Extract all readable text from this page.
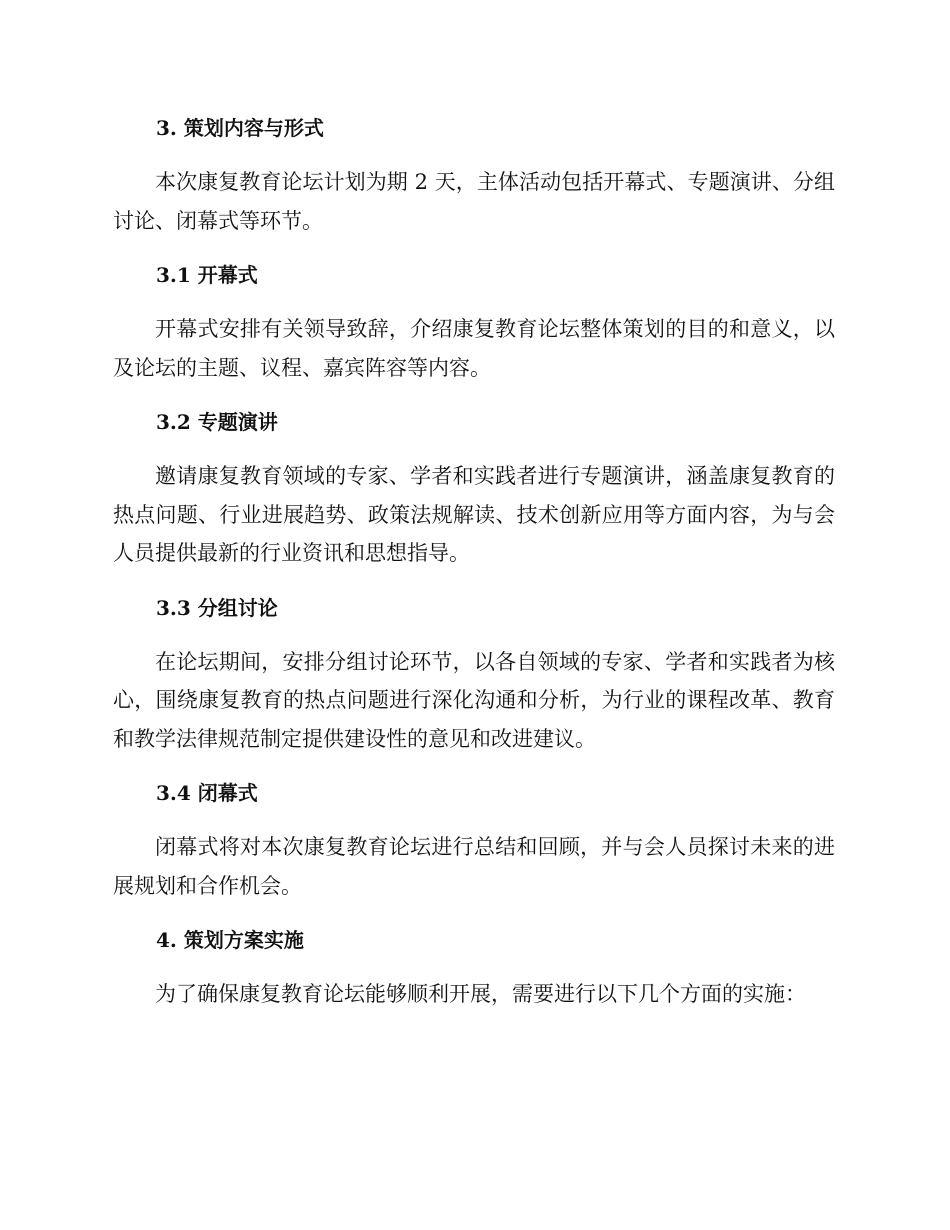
3. 策划内容与形式

本次康复教育论坛计划为期 2 天，主体活动包括开幕式、专题演讲、分组讨论、闭幕式等环节。

3.1 开幕式

开幕式安排有关领导致辞，介绍康复教育论坛整体策划的目的和意义，以及论坛的主题、议程、嘉宾阵容等内容。

3.2 专题演讲

邀请康复教育领域的专家、学者和实践者进行专题演讲，涵盖康复教育的热点问题、行业进展趋势、政策法规解读、技术创新应用等方面内容，为与会人员提供最新的行业资讯和思想指导。

3.3 分组讨论

在论坛期间，安排分组讨论环节，以各自领域的专家、学者和实践者为核心，围绕康复教育的热点问题进行深化沟通和分析，为行业的课程改革、教育和教学法律规范制定提供建设性的意见和改进建议。

3.4 闭幕式

闭幕式将对本次康复教育论坛进行总结和回顾，并与会人员探讨未来的进展规划和合作机会。

4. 策划方案实施

为了确保康复教育论坛能够顺利开展，需要进行以下几个方面的实施：
